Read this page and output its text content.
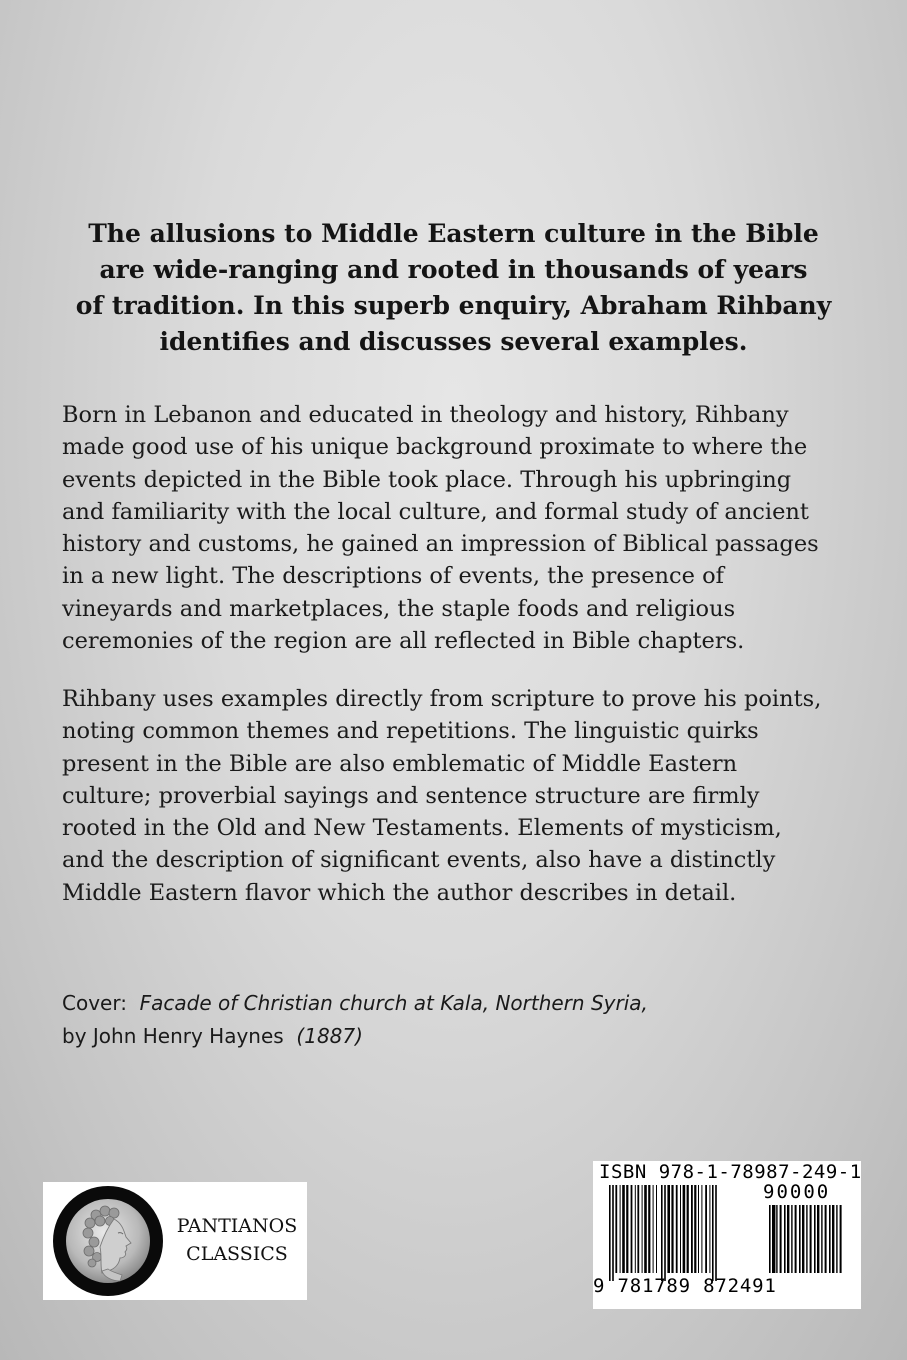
The allusions to Middle Eastern culture in the Bible
are wide-ranging and rooted in thousands of years
of tradition. In this superb enquiry, Abraham Rihbany
identifies and discusses several examples.

Born in Lebanon and educated in theology and history, Rihbany
made good use of his unique background proximate to where the
events depicted in the Bible took place. Through his upbringing
and familiarity with the local culture, and formal study of ancient
history and customs, he gained an impression of Biblical passages
in a new light. The descriptions of events, the presence of
vineyards and marketplaces, the staple foods and religious
ceremonies of the region are all reflected in Bible chapters.

Rihbany uses examples directly from scripture to prove his points,
noting common themes and repetitions. The linguistic quirks
present in the Bible are also emblematic of Middle Eastern
culture; proverbial sayings and sentence structure are firmly
rooted in the Old and New Testaments. Elements of mysticism,
and the description of significant events, also have a distinctly
Middle Eastern flavor which the author describes in detail.

Cover: Facade of Christian church at Kala, Northern Syria,
by John Henry Haynes (1887)
PANTIANOS
CLASSICS
ISBN 978-1-78987-249-1
90000
9 781789 872491
